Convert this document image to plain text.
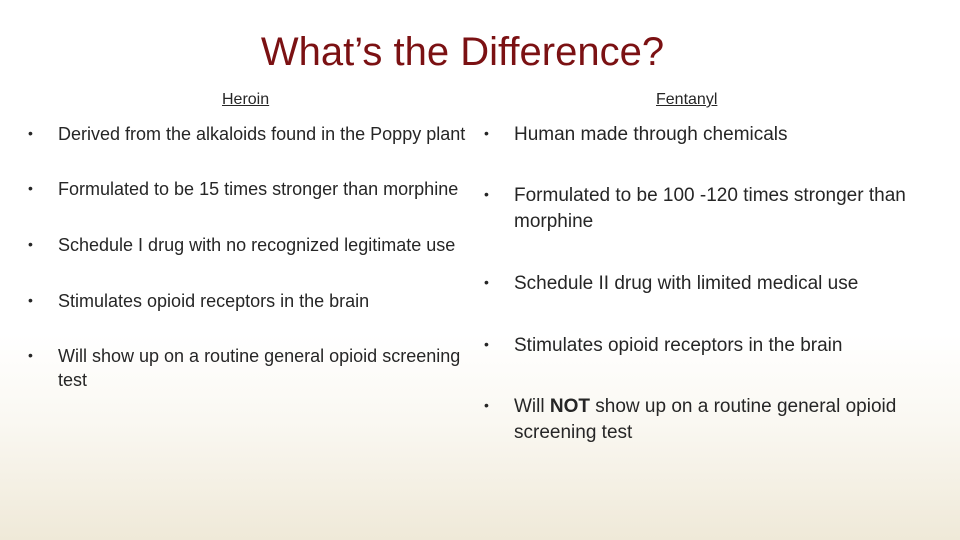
What’s the Difference?
Heroin	Fentanyl
•	Derived from the alkaloids found in the Poppy plant
•	Formulated to be 15 times stronger than morphine
•	Schedule I drug with no recognized legitimate use
•	Stimulates opioid receptors in the brain
•	Will show up on a routine general opioid screening test
•	Human made through chemicals
•	Formulated to be 100 -120 times stronger than morphine
•	Schedule II drug with limited medical use
•	Stimulates opioid receptors in the brain
•	Will NOT show up on a routine general opioid screening test
